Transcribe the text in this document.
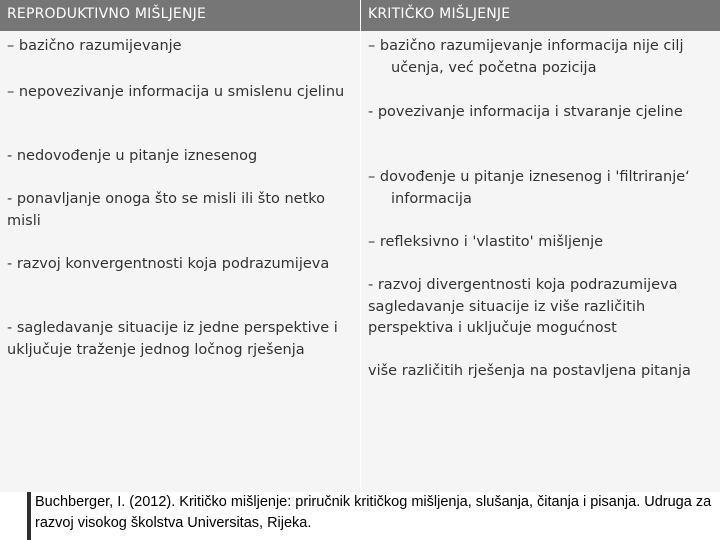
REPRODUKTIVNO MIŠLJENJE	KRITIČKO MIŠLJENJE

– bazično razumijevanje

– nepovezivanje informacija u smislenu cjelinu

- nedovođenje u pitanje iznesenog

- ponavljanje onoga što se misli ili što netko misli

- razvoj konvergentnosti koja podrazumijeva

- sagledavanje situacije iz jedne perspektive i uključuje traženje jednog ločnog rješenja

– bazično razumijevanje informacija nije cilj učenja, već početna pozicija

- povezivanje informacija i stvaranje cjeline

– dovođenje u pitanje iznesenog i 'filtriranje‘ informacija

– refleksivno i 'vlastito' mišljenje

- razvoj divergentnosti koja podrazumijeva sagledavanje situacije iz više različitih perspektiva i uključuje mogućnost

više različitih rješenja na postavljena pitanja

Buchberger, I. (2012). Kritičko mišljenje: priručnik kritičkog mišljenja, slušanja, čitanja i pisanja. Udruga za razvoj visokog školstva Universitas, Rijeka.
